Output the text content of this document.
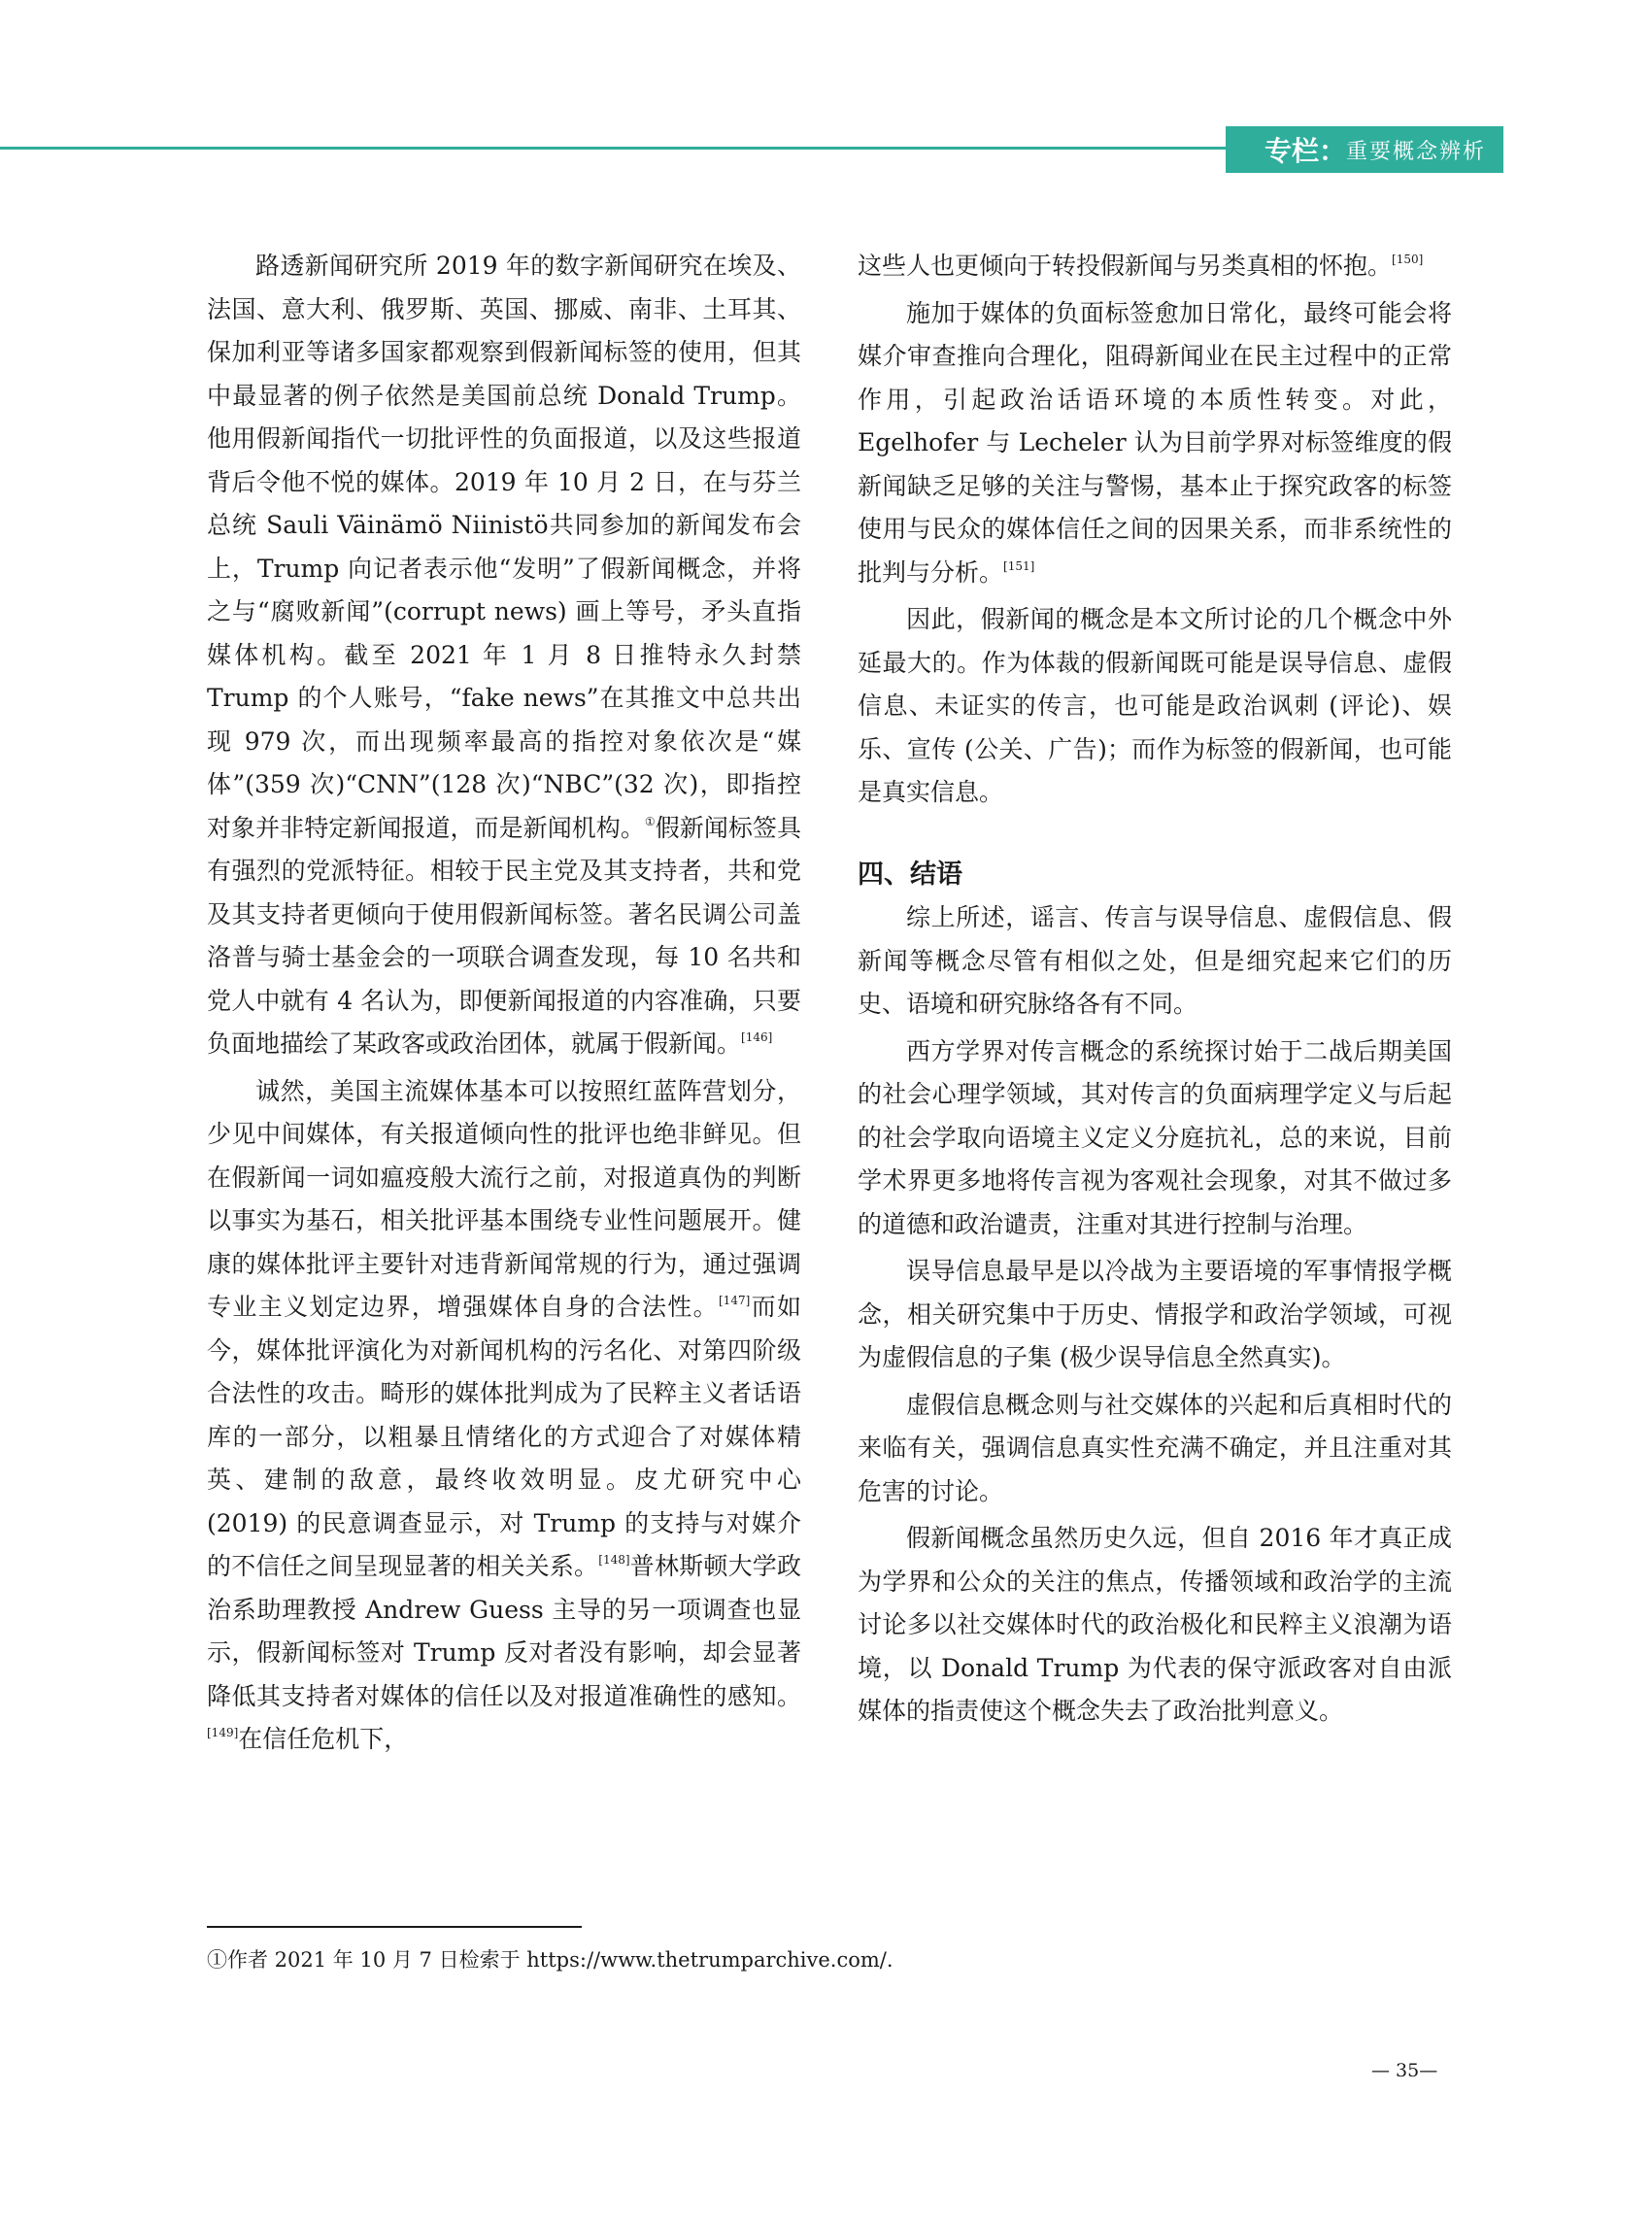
专栏： 重要概念辨析

路透新闻研究所 2019 年的数字新闻研究在埃及、法国、意大利、俄罗斯、英国、挪威、南非、土耳其、保加利亚等诸多国家都观察到假新闻标签的使用，但其中最显著的例子依然是美国前总统 Donald Trump。他用假新闻指代一切批评性的负面报道，以及这些报道背后令他不悦的媒体。2019 年 10 月 2 日，在与芬兰总统 Sauli Väinämö Niinistö共同参加的新闻发布会上，Trump 向记者表示他“发明”了假新闻概念，并将之与“腐败新闻”(corrupt news) 画上等号，矛头直指媒体机构。截至 2021 年 1 月 8 日推特永久封禁 Trump 的个人账号，“fake news”在其推文中总共出现 979 次，而出现频率最高的指控对象依次是“媒体”(359 次)“CNN”(128 次)“NBC”(32 次)，即指控对象并非特定新闻报道，而是新闻机构。①假新闻标签具有强烈的党派特征。相较于民主党及其支持者，共和党及其支持者更倾向于使用假新闻标签。著名民调公司盖洛普与骑士基金会的一项联合调查发现，每 10 名共和党人中就有 4 名认为，即便新闻报道的内容准确，只要负面地描绘了某政客或政治团体，就属于假新闻。[146]

诚然，美国主流媒体基本可以按照红蓝阵营划分，少见中间媒体，有关报道倾向性的批评也绝非鲜见。但在假新闻一词如瘟疫般大流行之前，对报道真伪的判断以事实为基石，相关批评基本围绕专业性问题展开。健康的媒体批评主要针对违背新闻常规的行为，通过强调专业主义划定边界，增强媒体自身的合法性。[147]而如今，媒体批评演化为对新闻机构的污名化、对第四阶级合法性的攻击。畸形的媒体批判成为了民粹主义者话语库的一部分，以粗暴且情绪化的方式迎合了对媒体精英、建制的敌意，最终收效明显。皮尤研究中心 (2019) 的民意调查显示，对 Trump 的支持与对媒介的不信任之间呈现显著的相关关系。[148]普林斯顿大学政治系助理教授 Andrew Guess 主导的另一项调查也显示，假新闻标签对 Trump 反对者没有影响，却会显著降低其支持者对媒体的信任以及对报道准确性的感知。[149]在信任危机下，

这些人也更倾向于转投假新闻与另类真相的怀抱。[150]

施加于媒体的负面标签愈加日常化，最终可能会将媒介审查推向合理化，阻碍新闻业在民主过程中的正常作用，引起政治话语环境的本质性转变。对此，Egelhofer 与 Lecheler 认为目前学界对标签维度的假新闻缺乏足够的关注与警惕，基本止于探究政客的标签使用与民众的媒体信任之间的因果关系，而非系统性的批判与分析。[151]

因此，假新闻的概念是本文所讨论的几个概念中外延最大的。作为体裁的假新闻既可能是误导信息、虚假信息、未证实的传言，也可能是政治讽刺 (评论)、娱乐、宣传 (公关、广告)；而作为标签的假新闻，也可能是真实信息。

四、结语

综上所述，谣言、传言与误导信息、虚假信息、假新闻等概念尽管有相似之处，但是细究起来它们的历史、语境和研究脉络各有不同。

西方学界对传言概念的系统探讨始于二战后期美国的社会心理学领域，其对传言的负面病理学定义与后起的社会学取向语境主义定义分庭抗礼，总的来说，目前学术界更多地将传言视为客观社会现象，对其不做过多的道德和政治谴责，注重对其进行控制与治理。

误导信息最早是以冷战为主要语境的军事情报学概念，相关研究集中于历史、情报学和政治学领域，可视为虚假信息的子集 (极少误导信息全然真实)。

虚假信息概念则与社交媒体的兴起和后真相时代的来临有关，强调信息真实性充满不确定，并且注重对其危害的讨论。

假新闻概念虽然历史久远，但自 2016 年才真正成为学界和公众的关注的焦点，传播领域和政治学的主流讨论多以社交媒体时代的政治极化和民粹主义浪潮为语境，以 Donald Trump 为代表的保守派政客对自由派媒体的指责使这个概念失去了政治批判意义。

①作者 2021 年 10 月 7 日检索于 https://www.thetrumparchive.com/.
— 35—
